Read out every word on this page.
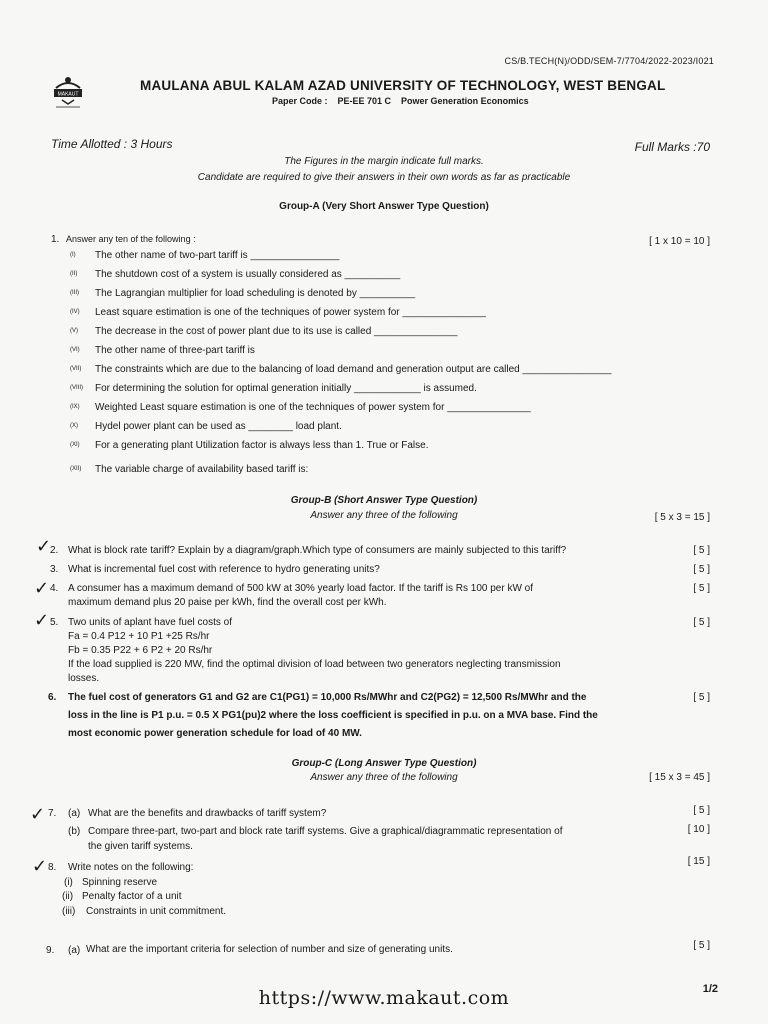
CS/B.TECH(N)/ODD/SEM-7/7704/2022-2023/I021
MAKAUT
MAULANA ABUL KALAM AZAD UNIVERSITY OF TECHNOLOGY, WEST BENGAL
Paper Code : PE-EE 701 C Power Generation Economics
Time Allotted : 3 Hours	Full Marks :70
The Figures in the margin indicate full marks.
Candidate are required to give their answers in their own words as far as practicable
Group-A (Very Short Answer Type Question)
1. Answer any ten of the following :	[ 1 x 10 = 10 ]
(I) The other name of two-part tariff is ________________
(II) The shutdown cost of a system is usually considered as __________
(III) The Lagrangian multiplier for load scheduling is denoted by __________
(IV) Least square estimation is one of the techniques of power system for _______________
(V) The decrease in the cost of power plant due to its use is called _______________
(VI) The other name of three-part tariff is
(VII) The constraints which are due to the balancing of load demand and generation output are called ________________
(VIII) For determining the solution for optimal generation initially ____________ is assumed.
(IX) Weighted Least square estimation is one of the techniques of power system for _______________
(X) Hydel power plant can be used as ________ load plant.
(XI) For a generating plant Utilization factor is always less than 1. True or False.
(XII) The variable charge of availability based tariff is:
Group-B (Short Answer Type Question)
Answer any three of the following	[ 5 x 3 = 15 ]
✓
2. What is block rate tariff? Explain by a diagram/graph.Which type of consumers are mainly subjected to this tariff?	[ 5 ]
3. What is incremental fuel cost with reference to hydro generating units?	[ 5 ]
✓ 4. A consumer has a maximum demand of 500 kW at 30% yearly load factor. If the tariff is Rs 100 per kW of
maximum demand plus 20 paise per kWh, find the overall cost per kWh.
[ 5 ]
✓ 5. Two units of aplant have fuel costs of
Fa = 0.4 P12 + 10 P1 +25 Rs/hr
Fb = 0.35 P22 + 6 P2 + 20 Rs/hr
If the load supplied is 220 MW, find the optimal division of load between two generators neglecting transmission
losses.
[ 5 ]
6. The fuel cost of generators G1 and G2 are C1(PG1) = 10,000 Rs/MWhr and C2(PG2) = 12,500 Rs/MWhr and the
loss in the line is P1 p.u. = 0.5 X PG1(pu)2 where the loss coefficient is specified in p.u. on a MVA base. Find the
most economic power generation schedule for load of 40 MW.
[ 5 ]
Group-C (Long Answer Type Question)
Answer any three of the following	[ 15 x 3 = 45 ]
✓ 7. (a) What are the benefits and drawbacks of tariff system?	[ 5 ]
(b) Compare three-part, two-part and block rate tariff systems. Give a graphical/diagrammatic representation of
the given tariff systems.
[ 10 ]
✓ 8. Write notes on the following:
[ 15 ]
(i) Spinning reserve
(ii) Penalty factor of a unit
(iii) Constraints in unit commitment.
9. (a) What are the important criteria for selection of number and size of generating units.	[ 5 ]
https://www.makaut.com	1/2
